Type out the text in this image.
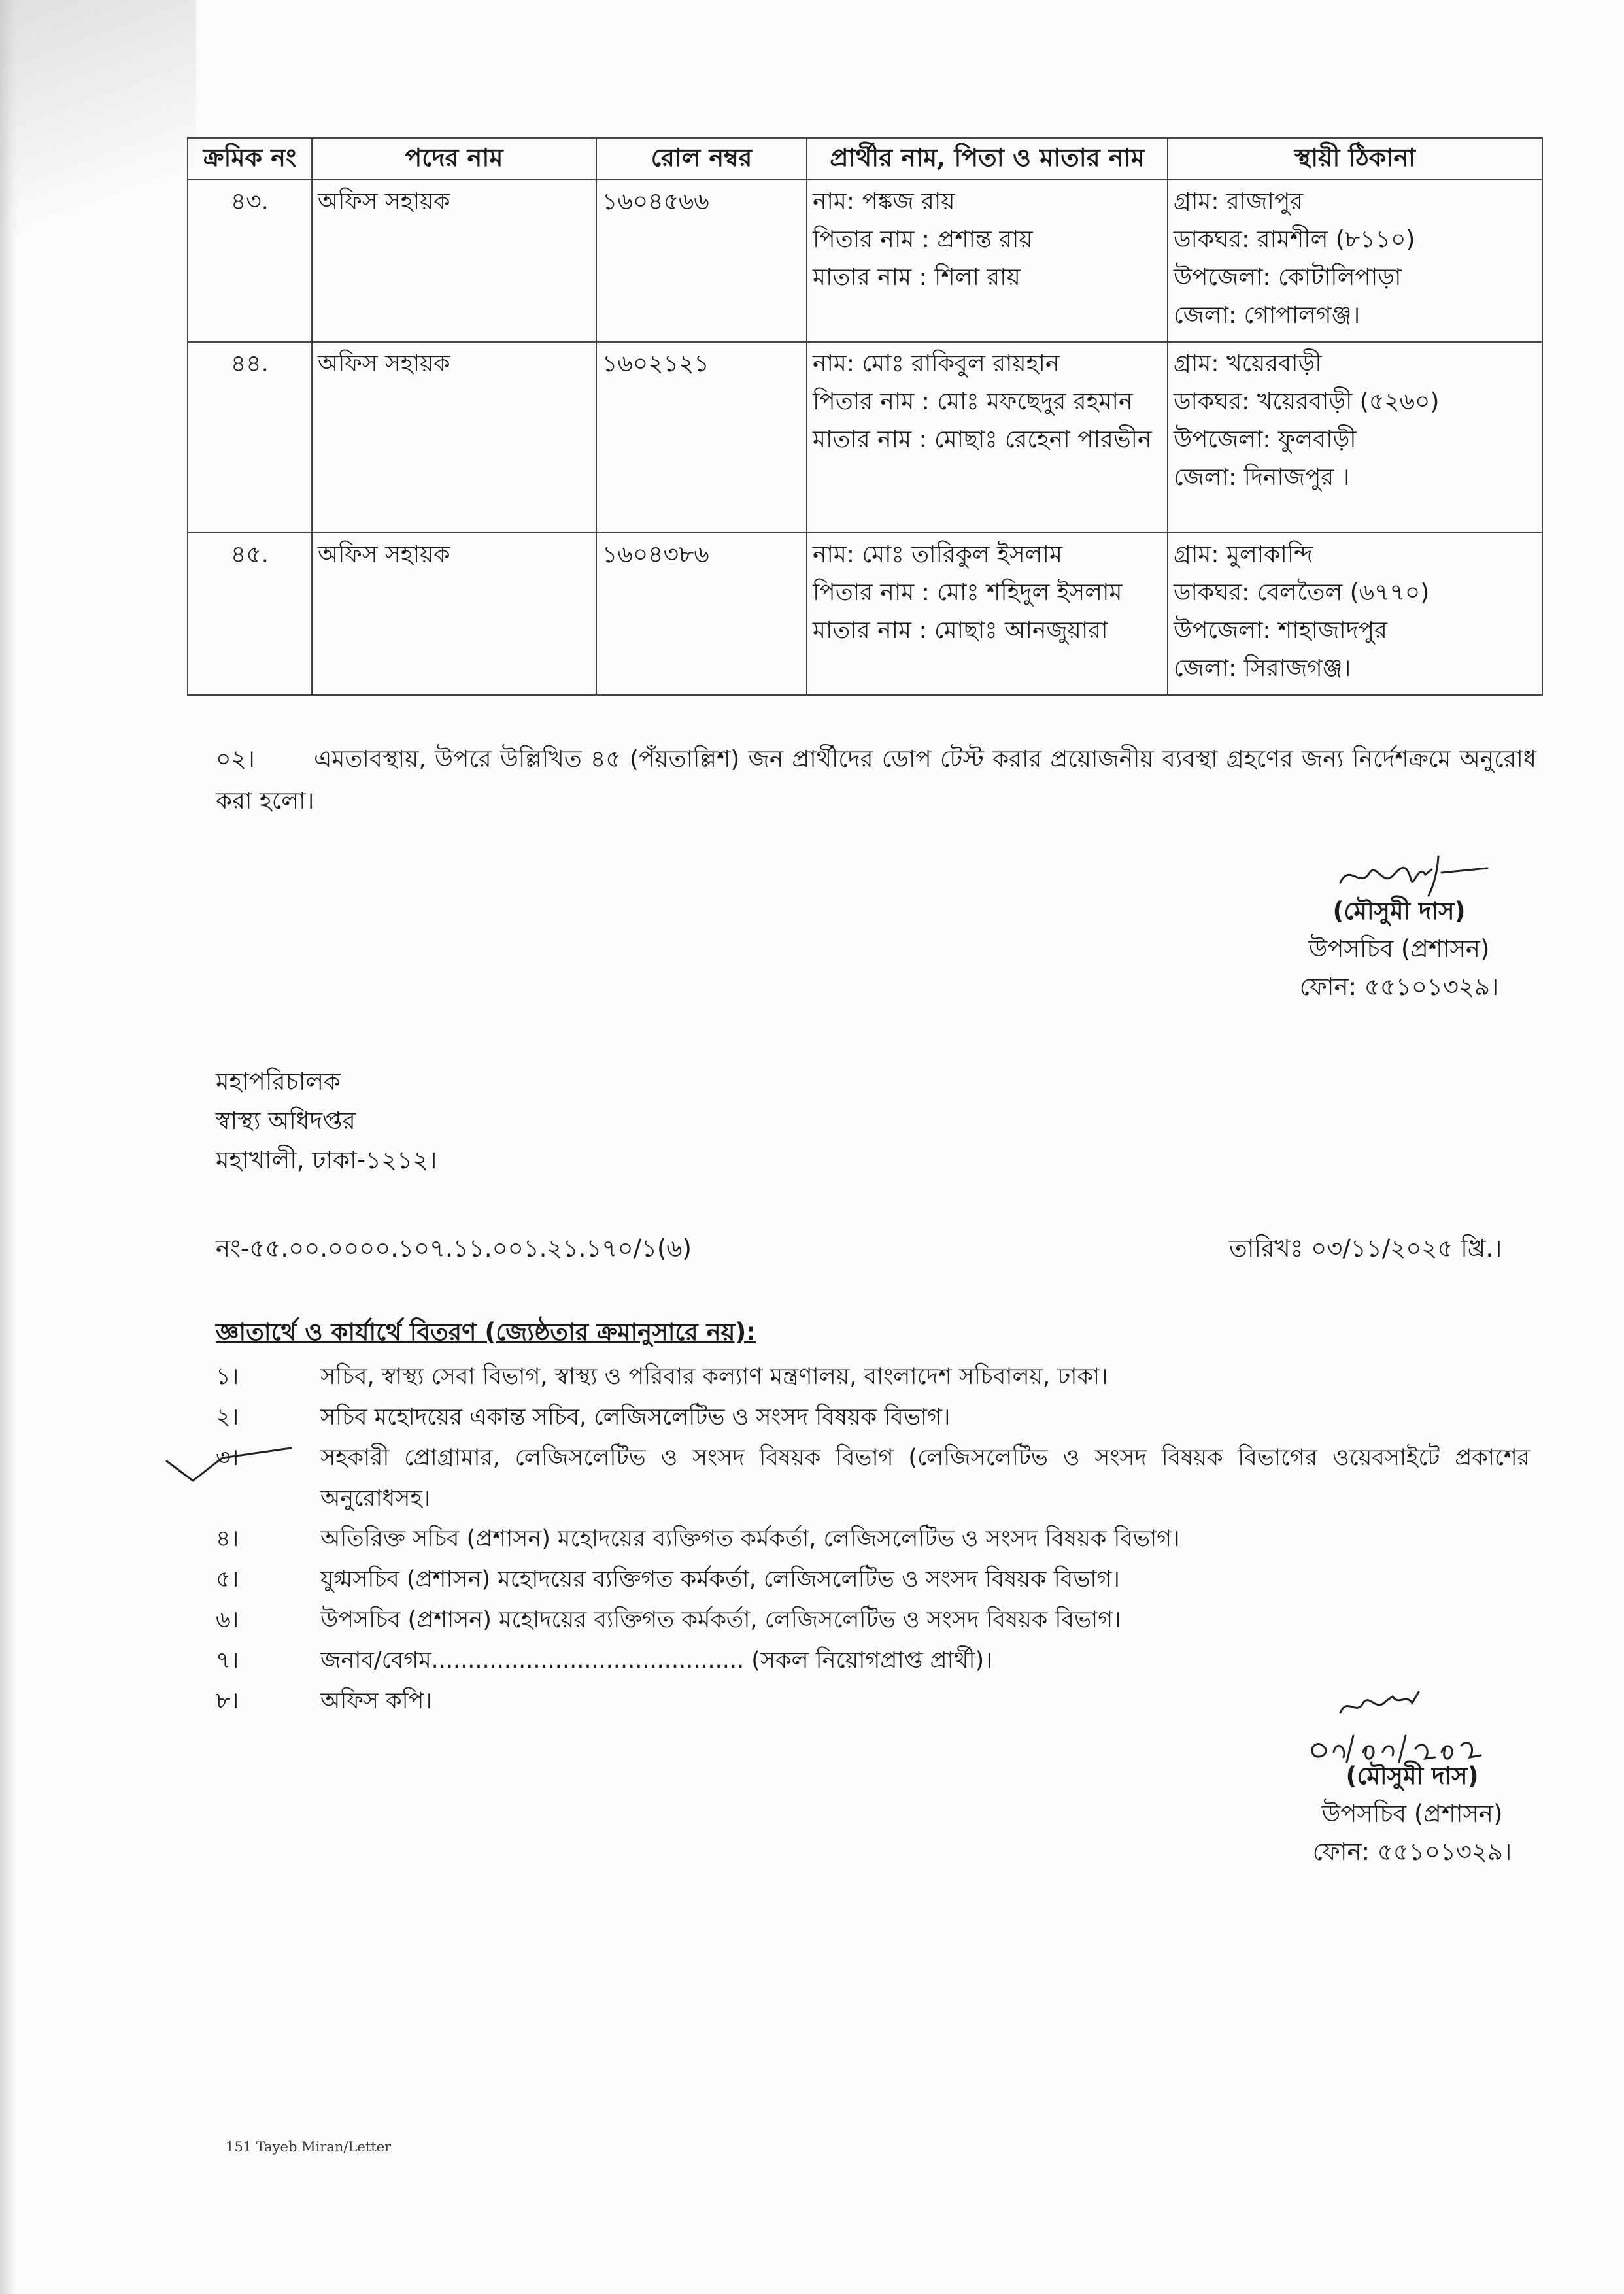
ক্রমিক নং	পদের নাম	রোল নম্বর	প্রার্থীর নাম, পিতা ও মাতার নাম	স্থায়ী ঠিকানা
৪৩.	অফিস সহায়ক	১৬০৪৫৬৬	নাম: পঙ্কজ রায়
পিতার নাম : প্রশান্ত রায়
মাতার নাম : শিলা রায়	গ্রাম: রাজাপুর
ডাকঘর: রামশীল (৮১১০)
উপজেলা: কোটালিপাড়া
জেলা: গোপালগঞ্জ।

৪৪.	অফিস সহায়ক	১৬০২১২১	নাম: মোঃ রাকিবুল রায়হান
পিতার নাম : মোঃ মফছেদুর রহমান
মাতার নাম : মোছাঃ রেহেনা পারভীন	গ্রাম: খয়েরবাড়ী
ডাকঘর: খয়েরবাড়ী (৫২৬০)
উপজেলা: ফুলবাড়ী
জেলা: দিনাজপুর ।

৪৫.	অফিস সহায়ক	১৬০৪৩৮৬	নাম: মোঃ তারিকুল ইসলাম
পিতার নাম : মোঃ শহিদুল ইসলাম
মাতার নাম : মোছাঃ আনজুয়ারা	গ্রাম: মুলাকান্দি
ডাকঘর: বেলতৈল (৬৭৭০)
উপজেলা: শাহাজাদপুর
জেলা: সিরাজগঞ্জ।
০২।	এমতাবস্থায়, উপরে উল্লিখিত ৪৫ (পঁয়তাল্লিশ) জন প্রার্থীদের ডোপ টেস্ট করার প্রয়োজনীয় ব্যবস্থা গ্রহণের জন্য নির্দেশক্রমে অনুরোধ করা হলো।
(মৌসুমী দাস)
উপসচিব (প্রশাসন)
ফোন: ৫৫১০১৩২৯।
মহাপরিচালক
স্বাস্থ্য অধিদপ্তর
মহাখালী, ঢাকা-১২১২।
নং-৫৫.০০.০০০০.১০৭.১১.০০১.২১.১৭০/১(৬)	তারিখঃ ০৩/১১/২০২৫ খ্রি.।
জ্ঞাতার্থে ও কার্যার্থে বিতরণ (জ্যেষ্ঠতার ক্রমানুসারে নয়):
১।	সচিব, স্বাস্থ্য সেবা বিভাগ, স্বাস্থ্য ও পরিবার কল্যাণ মন্ত্রণালয়, বাংলাদেশ সচিবালয়, ঢাকা।
২।	সচিব মহোদয়ের একান্ত সচিব, লেজিসলেটিভ ও সংসদ বিষয়ক বিভাগ।
৩।	সহকারী প্রোগ্রামার, লেজিসলেটিভ ও সংসদ বিষয়ক বিভাগ (লেজিসলেটিভ ও সংসদ বিষয়ক বিভাগের ওয়েবসাইটে প্রকাশের অনুরোধসহ।
৪।	অতিরিক্ত সচিব (প্রশাসন) মহোদয়ের ব্যক্তিগত কর্মকর্তা, লেজিসলেটিভ ও সংসদ বিষয়ক বিভাগ।
৫।	যুগ্মসচিব (প্রশাসন) মহোদয়ের ব্যক্তিগত কর্মকর্তা, লেজিসলেটিভ ও সংসদ বিষয়ক বিভাগ।
৬।	উপসচিব (প্রশাসন) মহোদয়ের ব্যক্তিগত কর্মকর্তা, লেজিসলেটিভ ও সংসদ বিষয়ক বিভাগ।
৭।	জনাব/বেগম........................................... (সকল নিয়োগপ্রাপ্ত প্রার্থী)।
৮।	অফিস কপি।
(মৌসুমী দাস)
উপসচিব (প্রশাসন)
ফোন: ৫৫১০১৩২৯।
151 Tayeb Miran/Letter
